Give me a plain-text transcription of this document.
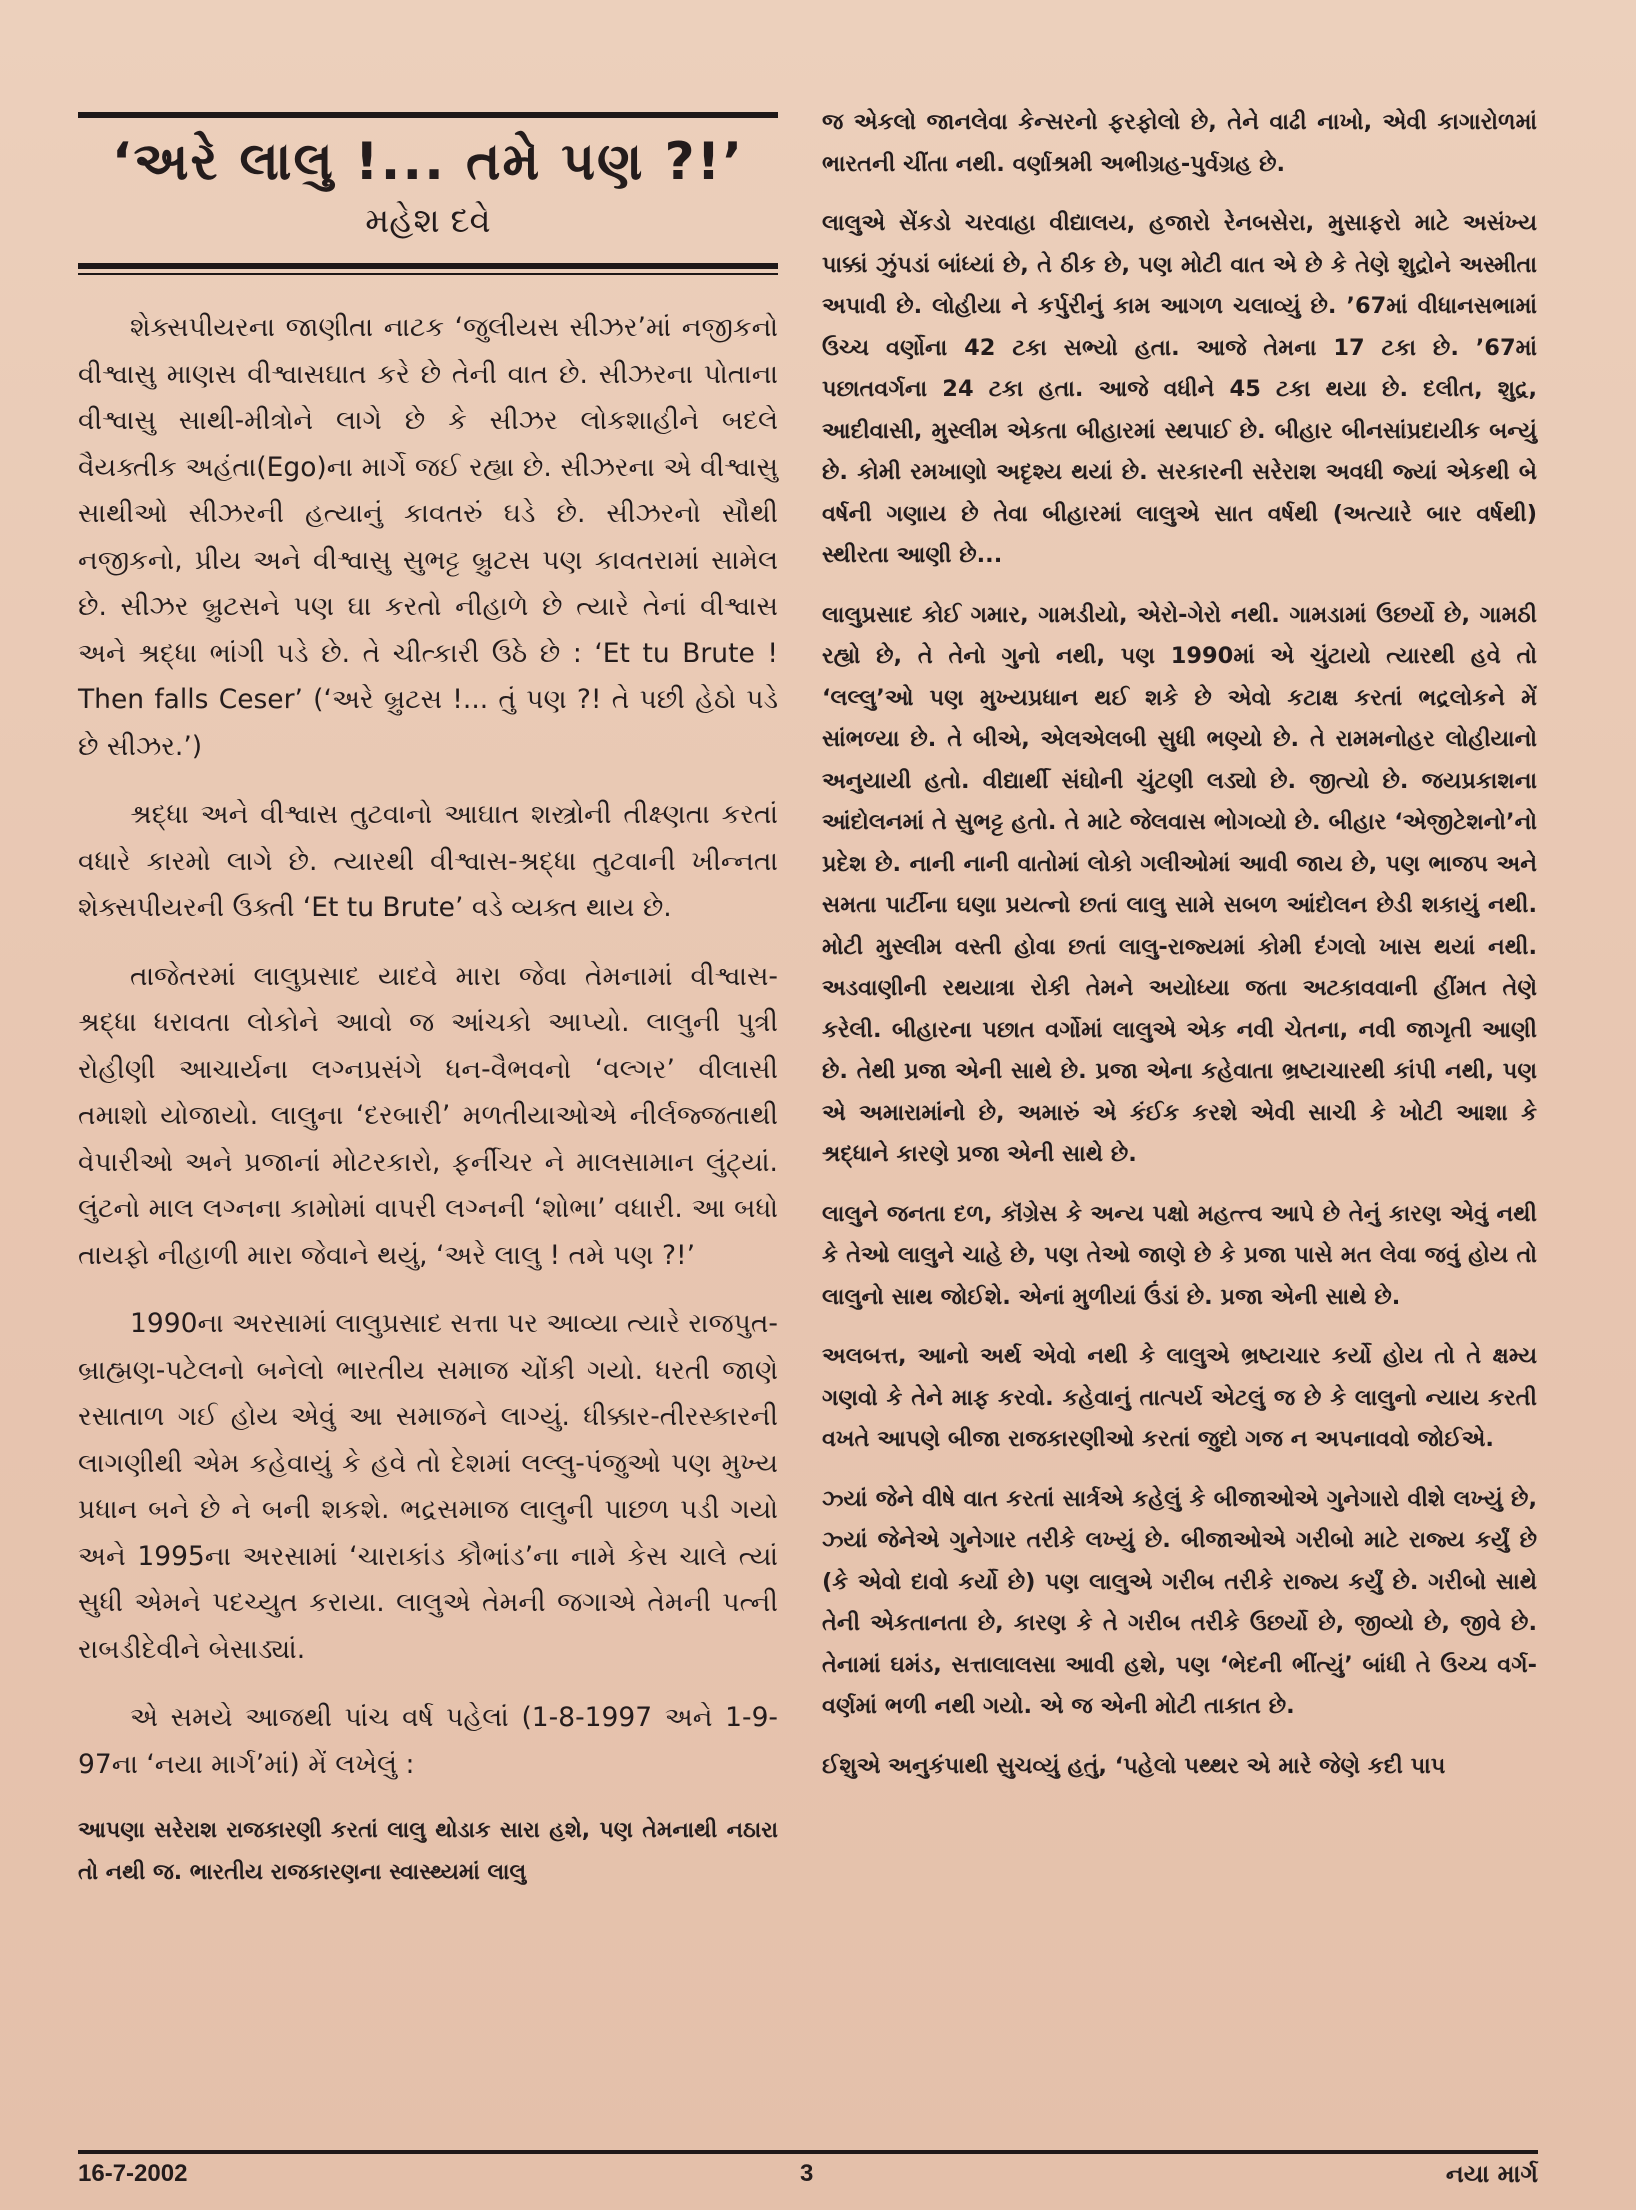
‘અરે લાલુ !... તમે પણ ?!’
મહેશ દવે

શેક્સપીયરના જાણીતા નાટક ‘જુલીયસ સીઝર’માં નજીકનો વીશ્વાસુ માણસ વીશ્વાસઘાત કરે છે તેની વાત છે. સીઝરના પોતાના વીશ્વાસુ સાથી-મીત્રોને લાગે છે કે સીઝર લોકશાહીને બદલે વૈયક્તીક અહંતા(Ego)ના માર્ગે જઈ રહ્યા છે. સીઝરના એ વીશ્વાસુ સાથીઓ સીઝરની હત્યાનું કાવતરું ઘડે છે. સીઝરનો સૌથી નજીકનો, પ્રીય અને વીશ્વાસુ સુભટ્ટ બ્રુટસ પણ કાવતરામાં સામેલ છે. સીઝર બ્રુટસને પણ ઘા કરતો નીહાળે છે ત્યારે તેનાં વીશ્વાસ અને શ્રદ્ધા ભાંગી પડે છે. તે ચીત્કારી ઉઠે છે : ‘Et tu Brute ! Then falls Ceser’ (‘અરે બ્રુટસ !... તું પણ ?! તે પછી હેઠો પડે છે સીઝર.’)

શ્રદ્ધા અને વીશ્વાસ તુટવાનો આઘાત શસ્ત્રોની તીક્ષ્ણતા કરતાં વધારે કારમો લાગે છે. ત્યારથી વીશ્વાસ-શ્રદ્ધા તુટવાની ખીન્નતા શેક્સપીયરની ઉક્તી ‘Et tu Brute’ વડે વ્યક્ત થાય છે.

તાજેતરમાં લાલુપ્રસાદ યાદવે મારા જેવા તેમનામાં વીશ્વાસ-શ્રદ્ધા ધરાવતા લોકોને આવો જ આંચકો આપ્યો. લાલુની પુત્રી રોહીણી આચાર્યના લગ્નપ્રસંગે ધન-વૈભવનો ‘વલ્ગર’ વીલાસી તમાશો યોજાયો. લાલુના ‘દરબારી’ મળતીયાઓએ નીર્લજ્જતાથી વેપારીઓ અને પ્રજાનાં મોટરકારો, ફર્નીચર ને માલસામાન લુંટ્યાં. લુંટનો માલ લગ્નના કામોમાં વાપરી લગ્નની ‘શોભા’ વધારી. આ બધો તાયફો નીહાળી મારા જેવાને થયું, ‘અરે લાલુ ! તમે પણ ?!’

1990ના અરસામાં લાલુપ્રસાદ સત્તા પર આવ્યા ત્યારે રાજપુત-બ્રાહ્મણ-પટેલનો બનેલો ભારતીય સમાજ ચોંકી ગયો. ધરતી જાણે રસાતાળ ગઈ હોય એવું આ સમાજને લાગ્યું. ધીક્કાર-તીરસ્કારની લાગણીથી એમ કહેવાયું કે હવે તો દેશમાં લલ્લુ-પંજુઓ પણ મુખ્ય પ્રધાન બને છે ને બની શકશે. ભદ્રસમાજ લાલુની પાછળ પડી ગયો અને 1995ના અરસામાં ‘ચારાકાંડ કૌભાંડ’ના નામે કેસ ચાલે ત્યાં સુધી એમને પદચ્યુત કરાયા. લાલુએ તેમની જગાએ તેમની પત્ની રાબડીદેવીને બેસાડ્યાં.

એ સમયે આજથી પાંચ વર્ષ પહેલાં (1-8-1997 અને 1-9-97ના ‘નયા માર્ગ’માં) મેં લખેલું :

આપણા સરેરાશ રાજકારણી કરતાં લાલુ થોડાક સારા હશે, પણ તેમનાથી નઠારા તો નથી જ. ભારતીય રાજકારણના સ્વાસ્થ્યમાં લાલુ

જ એકલો જાનલેવા કેન્સરનો ફરફોલો છે, તેને વાઢી નાખો, એવી કાગારોળમાં ભારતની ચીંતા નથી. વર્ણાશ્રમી અભીગ્રહ-પુર્વગ્રહ છે.

લાલુએ સેંકડો ચરવાહા વીદ્યાલય, હજારો રેનબસેરા, મુસાફરો માટે અસંખ્ય પાક્કાં ઝુંપડાં બાંધ્યાં છે, તે ઠીક છે, પણ મોટી વાત એ છે કે તેણે શુદ્રોને અસ્મીતા અપાવી છે. લોહીયા ને કર્પુરીનું કામ આગળ ચલાવ્યું છે. ’67માં વીધાનસભામાં ઉચ્ચ વર્ણોના 42 ટકા સભ્યો હતા. આજે તેમના 17 ટકા છે. ’67માં પછાતવર્ગના 24 ટકા હતા. આજે વધીને 45 ટકા થયા છે. દલીત, શુદ્ર, આદીવાસી, મુસ્લીમ એકતા બીહારમાં સ્થપાઈ છે. બીહાર બીનસાંપ્રદાયીક બન્યું છે. કોમી રમખાણો અદૃશ્ય થયાં છે. સરકારની સરેરાશ અવધી જ્યાં એકથી બે વર્ષની ગણાય છે તેવા બીહારમાં લાલુએ સાત વર્ષથી (અત્યારે બાર વર્ષથી) સ્થીરતા આણી છે...

લાલુપ્રસાદ કોઈ ગમાર, ગામડીયો, એરો-ગેરો નથી. ગામડામાં ઉછર્યો છે, ગામઠી રહ્યો છે, તે તેનો ગુનો નથી, પણ 1990માં એ ચુંટાયો ત્યારથી હવે તો ‘લલ્લુ’ઓ પણ મુખ્યપ્રધાન થઈ શકે છે એવો કટાક્ષ કરતાં ભદ્રલોકને મેં સાંભળ્યા છે. તે બીએ, એલએલબી સુધી ભણ્યો છે. તે રામમનોહર લોહીયાનો અનુયાયી હતો. વીદ્યાર્થી સંઘોની ચુંટણી લડ્યો છે. જીત્યો છે. જયપ્રકાશના આંદોલનમાં તે સુભટ્ટ હતો. તે માટે જેલવાસ ભોગવ્યો છે. બીહાર ‘એજીટેશનો’નો પ્રદેશ છે. નાની નાની વાતોમાં લોકો ગલીઓમાં આવી જાય છે, પણ ભાજપ અને સમતા પાર્ટીના ઘણા પ્રયત્નો છતાં લાલુ સામે સબળ આંદોલન છેડી શકાયું નથી. મોટી મુસ્લીમ વસ્તી હોવા છતાં લાલુ-રાજ્યમાં કોમી દંગલો ખાસ થયાં નથી. અડવાણીની રથયાત્રા રોકી તેમને અયોધ્યા જતા અટકાવવાની હીંમત તેણે કરેલી. બીહારના પછાત વર્ગોમાં લાલુએ એક નવી ચેતના, નવી જાગૃતી આણી છે. તેથી પ્રજા એની સાથે છે. પ્રજા એના કહેવાતા ભ્રષ્ટાચારથી કાંપી નથી, પણ એ અમારામાંનો છે, અમારું એ કંઈક કરશે એવી સાચી કે ખોટી આશા કે શ્રદ્ધાને કારણે પ્રજા એની સાથે છે.

લાલુને જનતા દળ, કૉંગ્રેસ કે અન્ય પક્ષો મહત્ત્વ આપે છે તેનું કારણ એવું નથી કે તેઓ લાલુને ચાહે છે, પણ તેઓ જાણે છે કે પ્રજા પાસે મત લેવા જવું હોય તો લાલુનો સાથ જોઈશે. એનાં મુળીયાં ઉંડાં છે. પ્રજા એની સાથે છે.

અલબત્ત, આનો અર્થ એવો નથી કે લાલુએ ભ્રષ્ટાચાર કર્યો હોય તો તે ક્ષમ્ય ગણવો કે તેને માફ કરવો. કહેવાનું તાત્પર્ય એટલું જ છે કે લાલુનો ન્યાય કરતી વખતે આપણે બીજા રાજકારણીઓ કરતાં જુદો ગજ ન અપનાવવો જોઈએ.

ઝ્યાં જેને વીષે વાત કરતાં સાર્ત્રએ કહેલું કે બીજાઓએ ગુનેગારો વીશે લખ્યું છે, ઝ્યાં જેનેએ ગુનેગાર તરીકે લખ્યું છે. બીજાઓએ ગરીબો માટે રાજ્ય કર્યું છે (કે એવો દાવો કર્યો છે) પણ લાલુએ ગરીબ તરીકે રાજ્ય કર્યું છે. ગરીબો સાથે તેની એકતાનતા છે, કારણ કે તે ગરીબ તરીકે ઉછર્યો છે, જીવ્યો છે, જીવે છે. તેનામાં ઘમંડ, સત્તાલાલસા આવી હશે, પણ ‘ભેદની ભીંત્યું’ બાંધી તે ઉચ્ચ વર્ગ-વર્ણમાં ભળી નથી ગયો. એ જ એની મોટી તાકાત છે.

ઈશુએ અનુકંપાથી સુચવ્યું હતું, ‘પહેલો પથ્થર એ મારે જેણે કદી પાપ

16-7-2002	3	નયા માર્ગ
